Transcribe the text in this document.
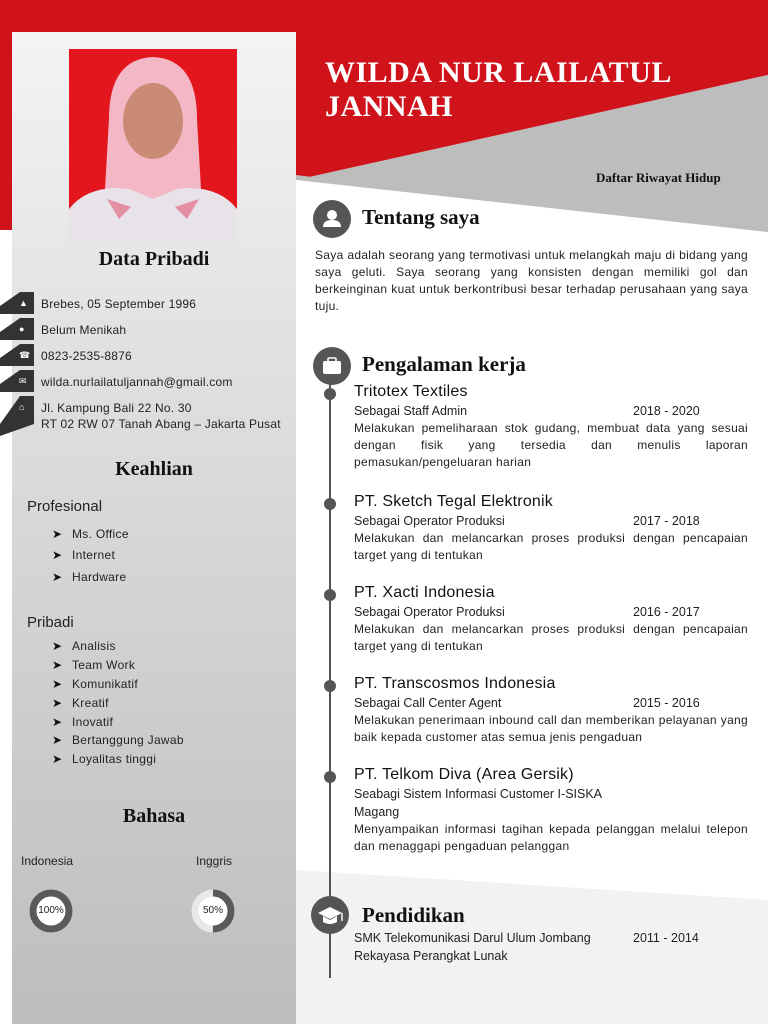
Data Pribadi
▲ Brebes, 05 September 1996
● Belum Menikah
☎ 0823-2535-8876
✉ wilda.nurlailatuljannah@gmail.com
⌂ Jl. Kampung Bali 22 No. 30
RT 02 RW 07 Tanah Abang – Jakarta Pusat
Keahlian
Profesional
➤ Ms. Office
➤ Internet
➤ Hardware
Pribadi
➤ Analisis
➤ Team Work
➤ Komunikatif
➤ Kreatif
➤ Inovatif
➤ Bertanggung Jawab
➤ Loyalitas tinggi
Bahasa
Indonesia	Inggris
100%	50%
WILDA NUR LAILATUL
JANNAH
Daftar Riwayat Hidup
Tentang saya
Saya adalah seorang yang termotivasi untuk melangkah maju di bidang yang saya geluti. Saya seorang yang konsisten dengan memiliki gol dan berkeinginan kuat untuk berkontribusi besar terhadap perusahaan yang saya tuju.
Pengalaman kerja
Tritotex Textiles
Sebagai Staff Admin	2018 - 2020
Melakukan pemeliharaan stok gudang, membuat data yang sesuai dengan fisik yang tersedia dan menulis laporan pemasukan/pengeluaran harian
PT. Sketch Tegal Elektronik
Sebagai Operator Produksi	2017 - 2018
Melakukan dan melancarkan proses produksi dengan pencapaian target yang di tentukan
PT. Xacti Indonesia
Sebagai Operator Produksi	2016 - 2017
Melakukan dan melancarkan proses produksi dengan pencapaian target yang di tentukan
PT. Transcosmos Indonesia
Sebagai Call Center Agent	2015 - 2016
Melakukan penerimaan inbound call dan memberikan pelayanan yang baik kepada customer atas semua jenis pengaduan
PT. Telkom Diva (Area Gersik)
Seabagi Sistem Informasi Customer I-SISKA
Magang
Menyampaikan informasi tagihan kepada pelanggan melalui telepon dan menaggapi pengaduan pelanggan
Pendidikan
SMK Telekomunikasi Darul Ulum Jombang	2011 - 2014
Rekayasa Perangkat Lunak
